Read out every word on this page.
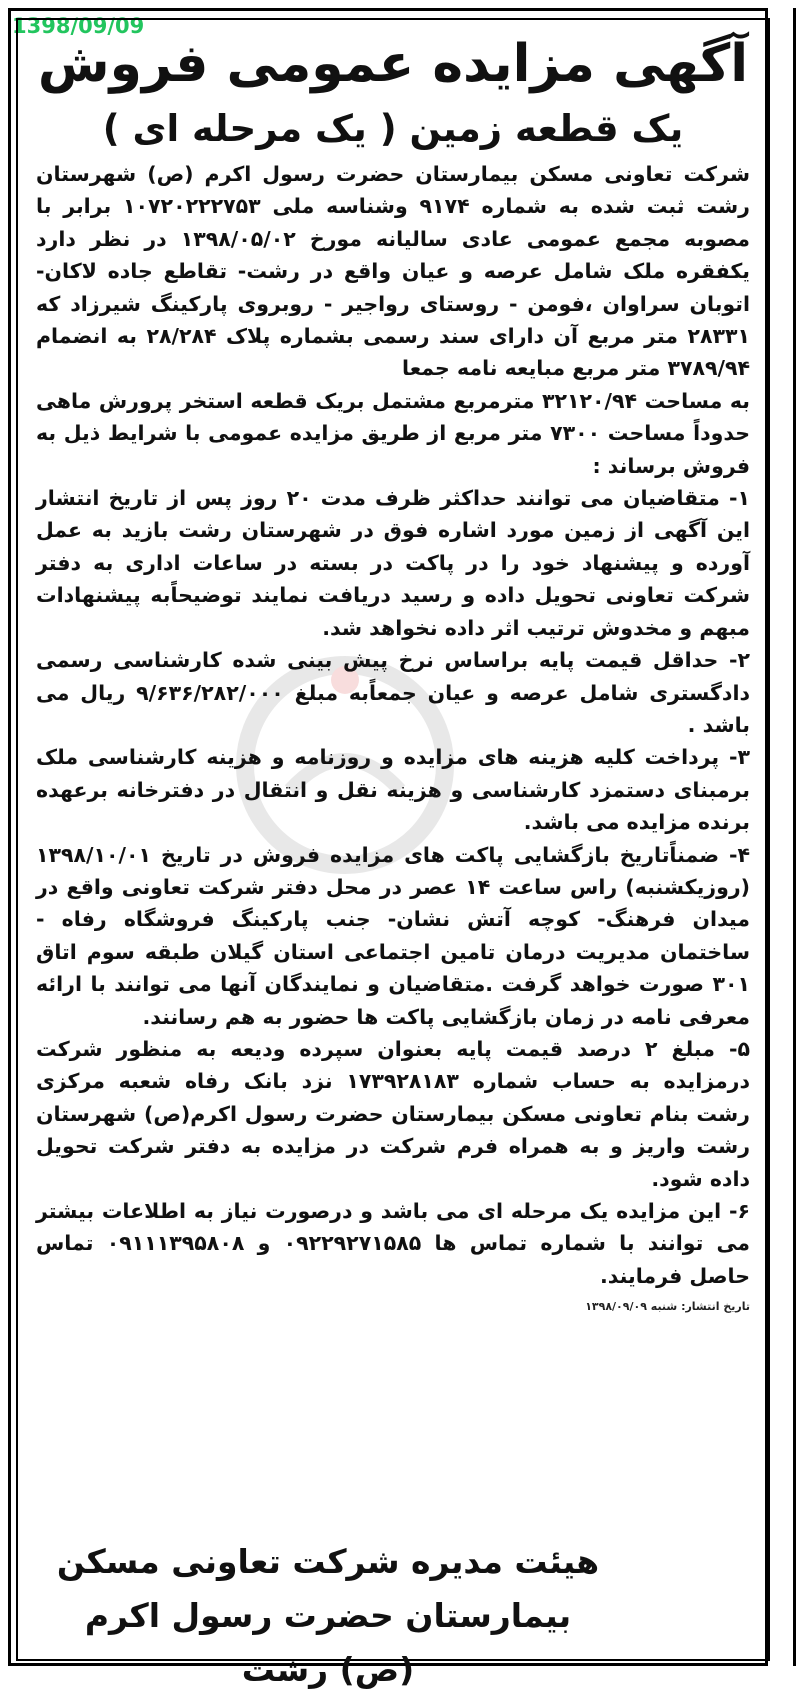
1398/09/09
آگهی مزایده عمومی فروش
یک قطعه زمین ( یک مرحله ای )

شرکت تعاونی مسکن بیمارستان حضرت رسول اکرم (ص) شهرستان رشت ثبت شده به شماره ۹۱۷۴ وشناسه ملی ۱۰۷۲۰۲۲۲۷۵۳ برابر با مصوبه مجمع عمومی عادی سالیانه مورخ ۱۳۹۸/۰۵/۰۲ در نظر دارد یکفقره ملک شامل عرصه و عیان واقع در رشت- تقاطع جاده لاکان- اتوبان سراوان ،فومن - روستای رواجیر - روبروی پارکینگ شیرزاد که ۲۸۳۳۱ متر مربع آن دارای سند رسمی بشماره پلاک ۲۸/۲۸۴ به انضمام ۳۷۸۹/۹۴ متر مربع مبایعه نامه جمعا

به مساحت ۳۲۱۲۰/۹۴ مترمربع مشتمل بریک قطعه استخر پرورش ماهی حدوداً مساحت ۷۳۰۰ متر مربع از طریق مزایده عمومی با شرایط ذیل به فروش برساند :

۱- متقاضیان می توانند حداکثر ظرف مدت ۲۰ روز پس از تاریخ انتشار این آگهی از زمین مورد اشاره فوق در شهرستان رشت بازید به عمل آورده و پیشنهاد خود را در پاکت در بسته در ساعات اداری به دفتر شرکت تعاونی تحویل داده و رسید دریافت نمایند توضیحاًبه پیشنهادات مبهم و مخدوش ترتیب اثر داده نخواهد شد.

۲- حداقل قیمت پایه براساس نرخ پیش بینی شده کارشناسی رسمی دادگستری شامل عرصه و عیان جمعاًبه مبلغ ۹/۶۳۶/۲۸۲/۰۰۰ ریال می باشد .

۳- پرداخت کلیه هزینه های مزایده و روزنامه و هزینه کارشناسی ملک برمبنای دستمزد کارشناسی و هزینه نقل و انتقال در دفترخانه برعهده برنده مزایده می باشد.

۴- ضمناًتاریخ بازگشایی پاکت های مزایده فروش در تاریخ ۱۳۹۸/۱۰/۰۱ (روزیکشنبه) راس ساعت ۱۴ عصر در محل دفتر شرکت تعاونی واقع در میدان فرهنگ- کوچه آتش نشان- جنب پارکینگ فروشگاه رفاه - ساختمان مدیریت درمان تامین اجتماعی استان گیلان طبقه سوم اتاق ۳۰۱ صورت خواهد گرفت .متقاضیان و نمایندگان آنها می توانند با ارائه معرفی نامه در زمان بازگشایی پاکت ها حضور به هم رسانند.

۵- مبلغ ۲ درصد قیمت پایه بعنوان سپرده ودیعه به منظور شرکت درمزایده به حساب شماره ۱۷۳۹۲۸۱۸۳ نزد بانک رفاه شعبه مرکزی رشت بنام تعاونی مسکن بیمارستان حضرت رسول اکرم(ص) شهرستان رشت واریز و به همراه فرم شرکت در مزایده به دفتر شرکت تحویل داده شود.

۶- این مزایده یک مرحله ای می باشد و درصورت نیاز به اطلاعات بیشتر می توانند با شماره تماس ها ۰۹۲۲۹۲۷۱۵۸۵ و ۰۹۱۱۱۳۹۵۸۰۸ تماس حاصل فرمایند.

تاریخ انتشار: شنبه ۱۳۹۸/۰۹/۰۹
هیئت مدیره شرکت تعاونی مسکن
بیمارستان حضرت رسول اکرم (ص) رشت
